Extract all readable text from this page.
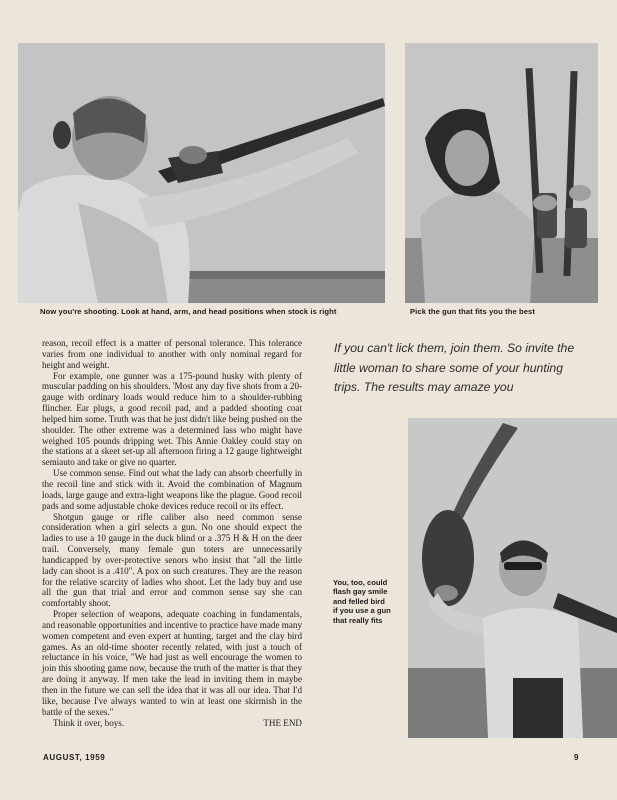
Now you're shooting. Look at hand, arm, and head positions when stock is right	Pick the gun that fits you the best

reason, recoil effect is a matter of personal tolerance. This tolerance varies from one individual to another with only nominal regard for height and weight.

For example, one gunner was a 175-pound husky with plenty of muscular padding on his shoulders. 'Most any day five shots from a 20-gauge with ordinary loads would reduce him to a shoulder-rubbing flincher. Ear plugs, a good recoil pad, and a padded shooting coat helped him some. Truth was that he just didn't like being pushed on the shoulder. The other extreme was a determined lass who might have weighed 105 pounds dripping wet. This Annie Oakley could stay on the stations at a skeet set-up all afternoon firing a 12 gauge lightweight semiauto and take or give no quarter.

Use common sense. Find out what the lady can absorb cheerfully in the recoil line and stick with it. Avoid the combination of Magnum loads, large gauge and extra-light weapons like the plague. Good recoil pads and some adjustable choke devices reduce recoil or its effect.

Shotgun gauge or rifle caliber also need common sense consideration when a girl selects a gun. No one should expect the ladies to use a 10 gauge in the duck blind or a .375 H & H on the deer trail. Conversely, many female gun toters are unnecessarily handicapped by over-protective senors who insist that "all the little lady can shoot is a .410". A pox on such creatures. They are the reason for the relative scarcity of ladies who shoot. Let the lady buy and use all the gun that trial and error and common sense say she can comfortably shoot.

Proper selection of weapons, adequate coaching in fundamentals, and reasonable opportunities and incentive to practice have made many women competent and even expert at hunting, target and the clay bird games. As an old-time shooter recently related, with just a touch of reluctance in his voice, "We had just as well encourage the women to join this shooting game now, because the truth of the matter is that they are doing it anyway. If men take the lead in inviting them in maybe then in the future we can sell the idea that it was all our idea. That I'd like, because I've always wanted to win at least one skirmish in the battle of the sexes."

Think it over, boys.	THE END
If you can't lick them, join them. So invite the little woman to share some of your hunting trips. The results may amaze you
You, too, could
flash gay smile
and felled bird
if you use a gun
that really fits
AUGUST, 1959	9
